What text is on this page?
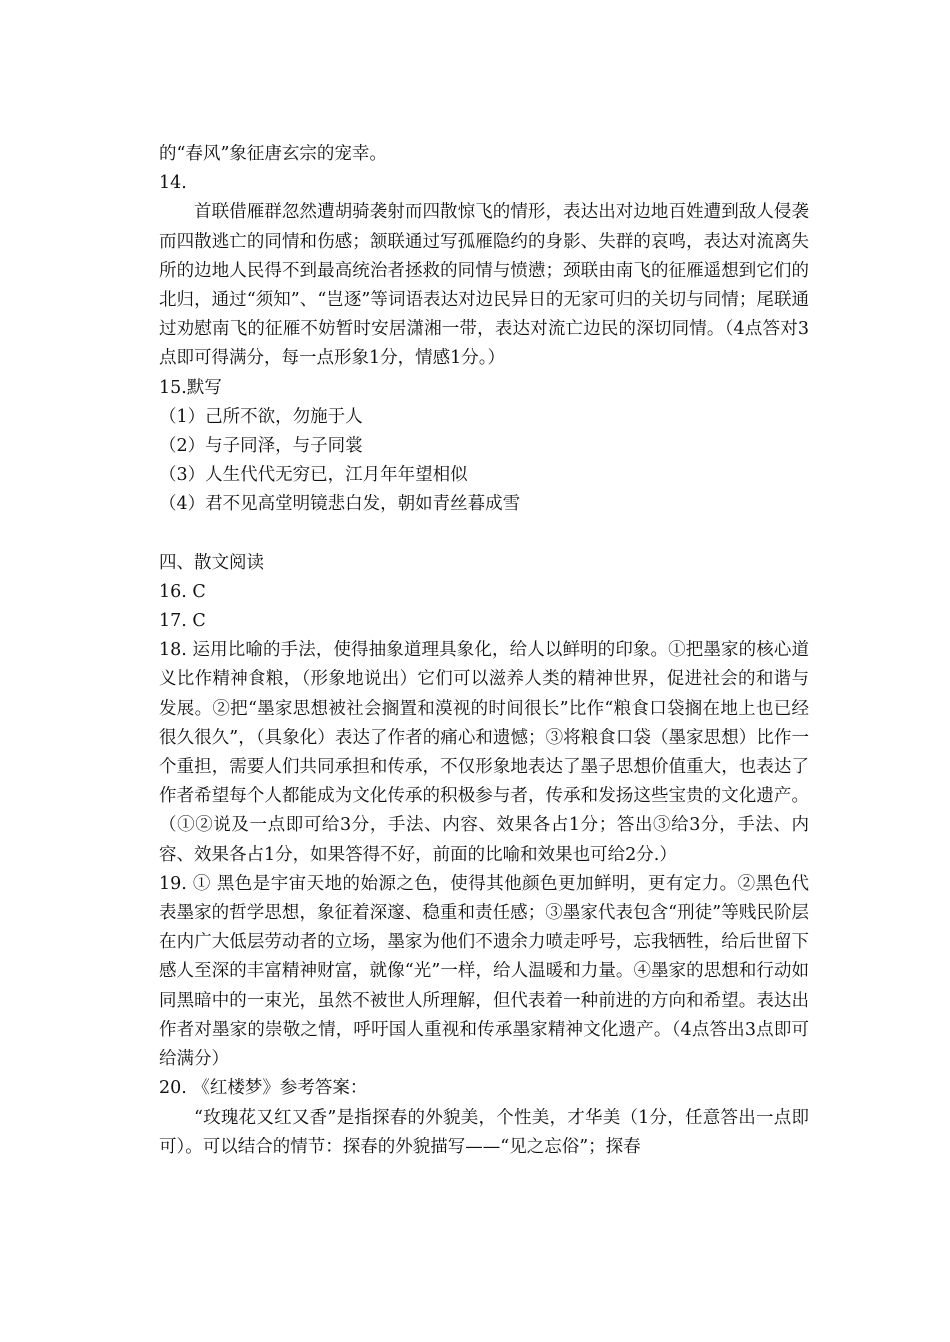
的“春风”象征唐玄宗的宠幸。
14.
首联借雁群忽然遭胡骑袭射而四散惊飞的情形，表达出对边地百姓遭到敌人侵袭而四散逃亡的同情和伤感；颔联通过写孤雁隐约的身影、失群的哀鸣，表达对流离失所的边地人民得不到最高统治者拯救的同情与愤懑；颈联由南飞的征雁遥想到它们的北归，通过“须知”、“岂逐”等词语表达对边民异日的无家可归的关切与同情；尾联通过劝慰南飞的征雁不妨暂时安居潇湘一带，表达对流亡边民的深切同情。（4点答对3点即可得满分，每一点形象1分，情感1分。）
15.默写
（1）己所不欲，勿施于人
（2）与子同泽，与子同裳
（3）人生代代无穷已，江月年年望相似
（4）君不见高堂明镜悲白发，朝如青丝暮成雪
四、散文阅读
16. C
17. C
18. 运用比喻的手法，使得抽象道理具象化，给人以鲜明的印象。①把墨家的核心道义比作精神食粮，（形象地说出）它们可以滋养人类的精神世界，促进社会的和谐与发展。②把“墨家思想被社会搁置和漠视的时间很长”比作“粮食口袋搁在地上也已经很久很久”，（具象化）表达了作者的痛心和遗憾；③将粮食口袋（墨家思想）比作一个重担，需要人们共同承担和传承，不仅形象地表达了墨子思想价值重大，也表达了作者希望每个人都能成为文化传承的积极参与者，传承和发扬这些宝贵的文化遗产。（①②说及一点即可给3分，手法、内容、效果各占1分；答出③给3分，手法、内容、效果各占1分，如果答得不好，前面的比喻和效果也可给2分.）
19. ① 黑色是宇宙天地的始源之色，使得其他颜色更加鲜明，更有定力。②黑色代表墨家的哲学思想，象征着深邃、稳重和责任感；③墨家代表包含“刑徒”等贱民阶层在内广大低层劳动者的立场，墨家为他们不遗余力喷走呼号，忘我牺牲，给后世留下感人至深的丰富精神财富，就像“光”一样，给人温暖和力量。④墨家的思想和行动如同黑暗中的一束光，虽然不被世人所理解，但代表着一种前进的方向和希望。表达出作者对墨家的崇敬之情，呼吁国人重视和传承墨家精神文化遗产。（4点答出3点即可给满分）
20. 《红楼梦》参考答案：
“玫瑰花又红又香”是指探春的外貌美，个性美，才华美（1分，任意答出一点即可）。可以结合的情节：探春的外貌描写——“见之忘俗”；探春
